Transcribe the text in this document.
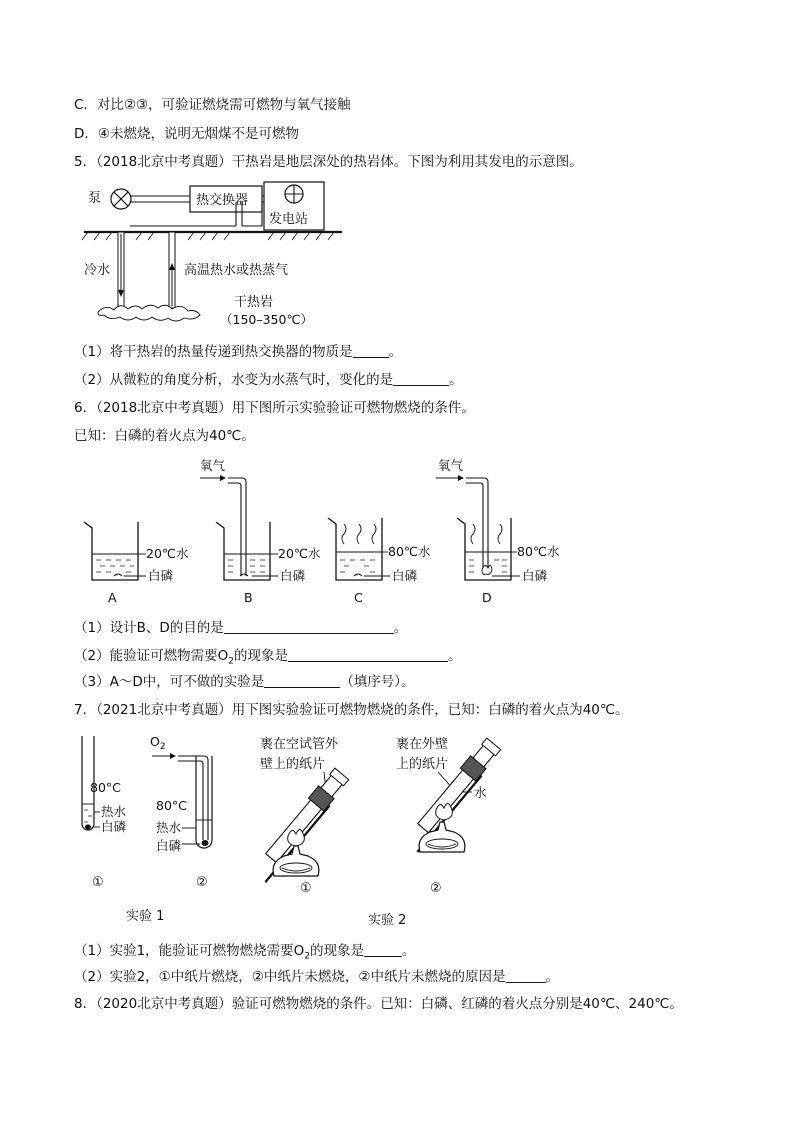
C．对比②③，可验证燃烧需可燃物与氧气接触
D．④未燃烧，说明无烟煤不是可燃物
5．（2018北京中考真题）干热岩是地层深处的热岩体。下图为利用其发电的示意图。
泵	热交换器
发电站
冷水	高温热水或热蒸气
干热岩
（150–350℃）
（1）将干热岩的热量传递到热交换器的物质是	。
（2）从微粒的角度分析，水变为水蒸气时，变化的是	。
6．（2018北京中考真题）用下图所示实验验证可燃物燃烧的条件。
已知：白磷的着火点为40℃。
20℃水
白磷
A
氧气
20℃水
白磷
B
80℃水
白磷
C
氧气
80℃水
白磷
D
（1）设计B、D的目的是	。
（2）能验证可燃物需要$O_2$的现象是	。
（3）A～D中，可不做的实验是	（填序号）。
7．（2021北京中考真题）用下图实验验证可燃物燃烧的条件，已知：白磷的着火点为40℃。
80°C
热水
白磷
①
$O_2$
80°C
热水
白磷
②
实验 1
裹在空试管外
壁上的纸片
①
裹在外壁
上的纸片
水
②
实验 2
（1）实验1，能验证可燃物燃烧需要$O_2$的现象是	。
（2）实验2，①中纸片燃烧，②中纸片未燃烧，②中纸片未燃烧的原因是	。
8．（2020北京中考真题）验证可燃物燃烧的条件。已知：白磷、红磷的着火点分别是40℃、240℃。
